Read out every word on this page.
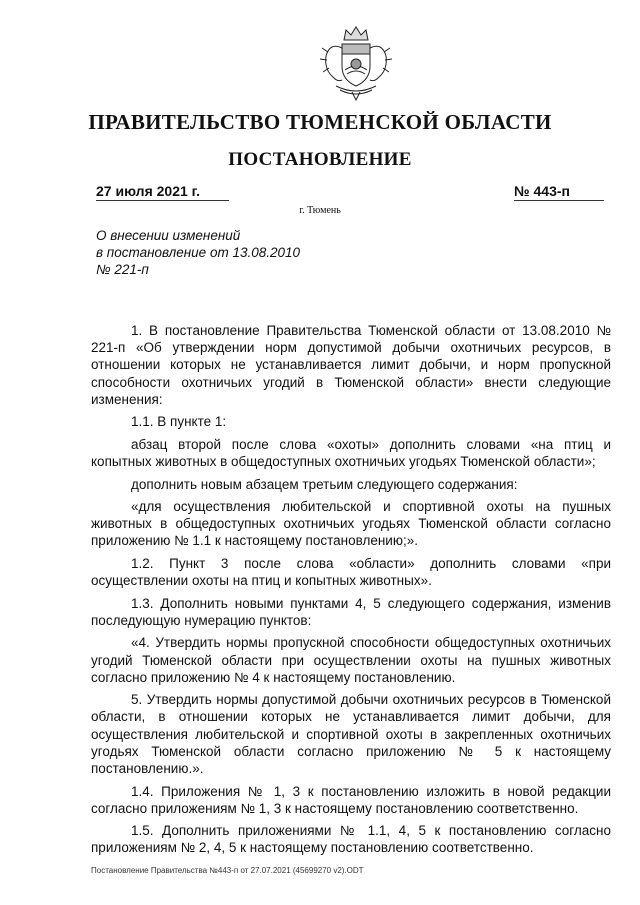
ПРАВИТЕЛЬСТВО ТЮМЕНСКОЙ ОБЛАСТИ
ПОСТАНОВЛЕНИЕ
27 июля 2021 г.	№ 443-п
г. Тюмень
О внесении изменений
в постановление от 13.08.2010
№ 221-п

1. В постановление Правительства Тюменской области от 13.08.2010 № 221-п «Об утверждении норм допустимой добычи охотничьих ресурсов, в отношении которых не устанавливается лимит добычи, и норм пропускной способности охотничьих угодий в Тюменской области» внести следующие изменения:

1.1. В пункте 1:

абзац второй после слова «охоты» дополнить словами «на птиц и копытных животных в общедоступных охотничьих угодьях Тюменской области»;

дополнить новым абзацем третьим следующего содержания:

«для осуществления любительской и спортивной охоты на пушных животных в общедоступных охотничьих угодьях Тюменской области согласно приложению № 1.1 к настоящему постановлению;».

1.2. Пункт 3 после слова «области» дополнить словами «при осуществлении охоты на птиц и копытных животных».

1.3. Дополнить новыми пунктами 4, 5 следующего содержания, изменив последующую нумерацию пунктов:

«4. Утвердить нормы пропускной способности общедоступных охотничьих угодий Тюменской области при осуществлении охоты на пушных животных согласно приложению № 4 к настоящему постановлению.

5. Утвердить нормы допустимой добычи охотничьих ресурсов в Тюменской области, в отношении которых не устанавливается лимит добычи, для осуществления любительской и спортивной охоты в закрепленных охотничьих угодьях Тюменской области согласно приложению № 5 к настоящему постановлению.».

1.4. Приложения № 1, 3 к постановлению изложить в новой редакции согласно приложениям № 1, 3 к настоящему постановлению соответственно.

1.5. Дополнить приложениями № 1.1, 4, 5 к постановлению согласно приложениям № 2, 4, 5 к настоящему постановлению соответственно.

Постановление Правительства №443-п от 27.07.2021 (45699270 v2).ODT
